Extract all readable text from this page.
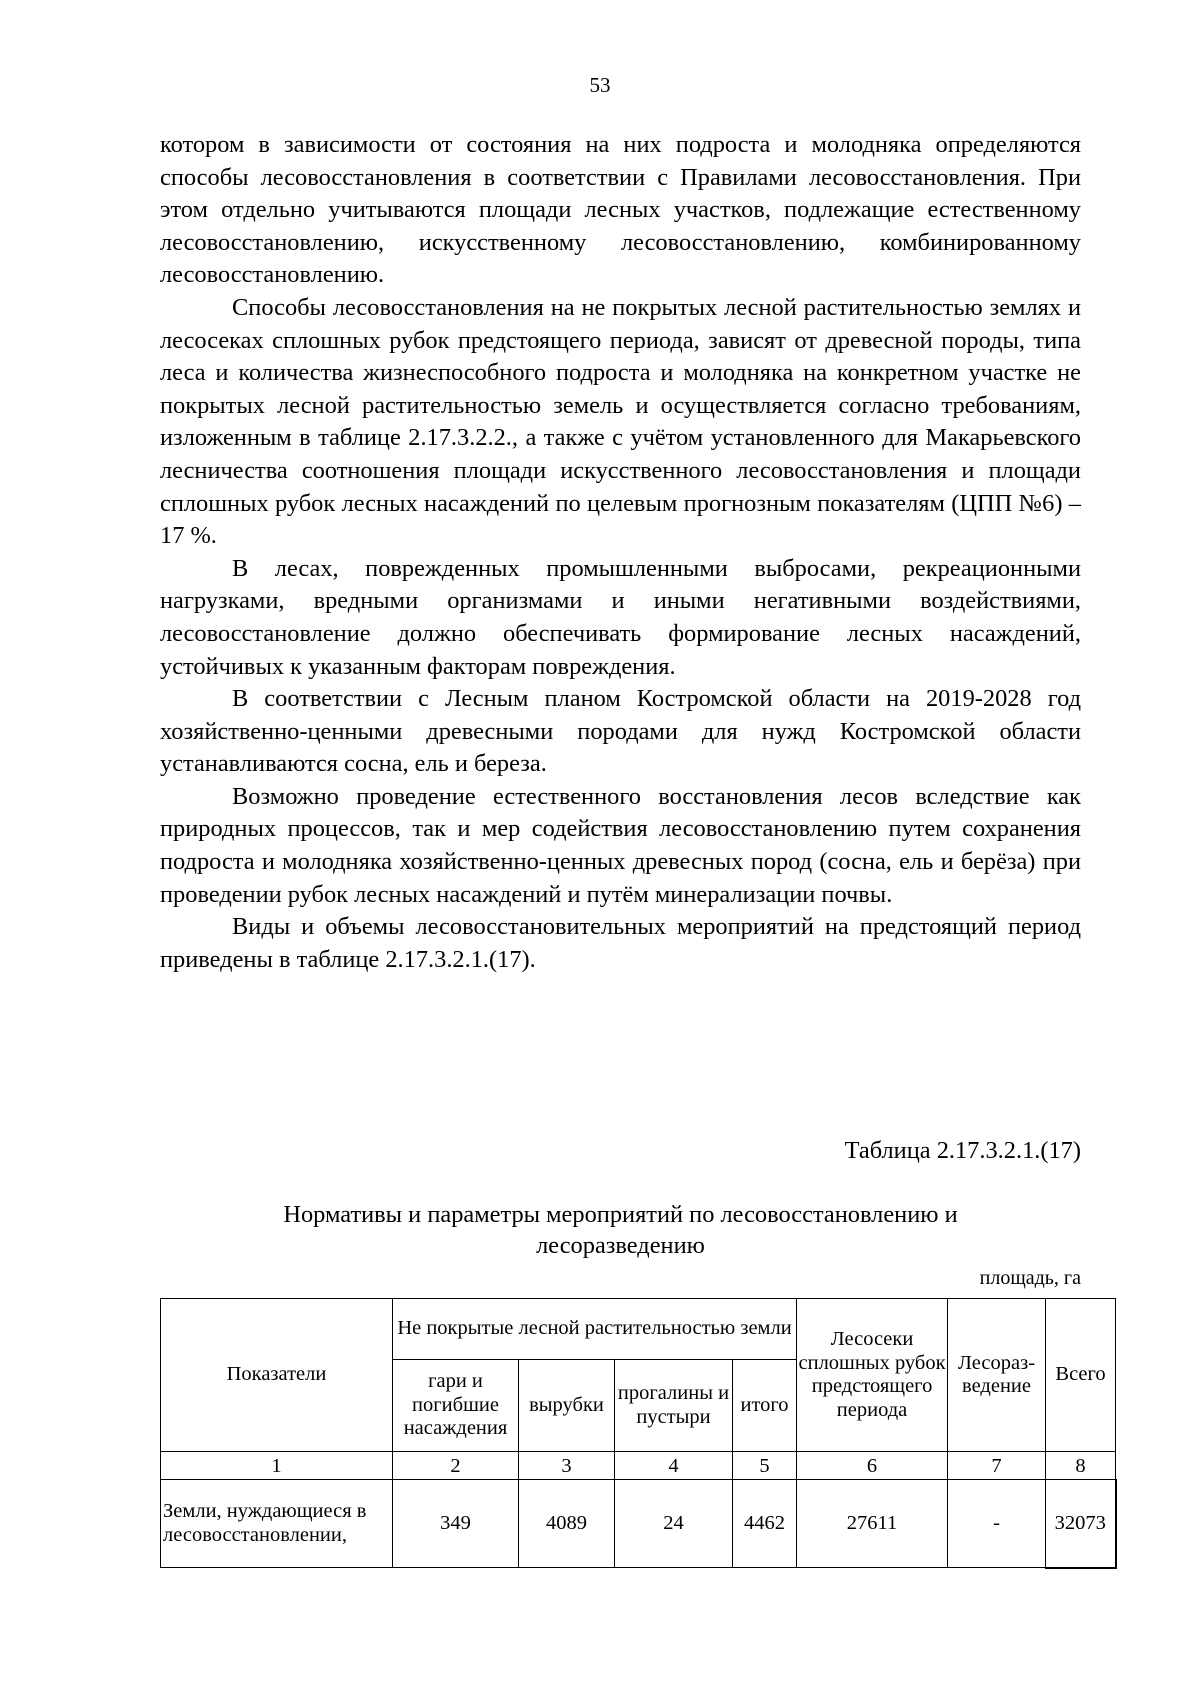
53

котором в зависимости от состояния на них подроста и молодняка определяются способы лесовосстановления в соответствии с Правилами лесовосстановления. При этом отдельно учитываются площади лесных участков, подлежащие естественному лесовосстановлению, искусственному лесовосстановлению, комбинированному лесовосстановлению.

Способы лесовосстановления на не покрытых лесной растительностью землях и лесосеках сплошных рубок предстоящего периода, зависят от древесной породы, типа леса и количества жизнеспособного подроста и молодняка на конкретном участке не покрытых лесной растительностью земель и осуществляется согласно требованиям, изложенным в таблице 2.17.3.2.2., а также с учётом установленного для Макарьевского лесничества соотношения площади искусственного лесовосстановления и площади сплошных рубок лесных насаждений по целевым прогнозным показателям (ЦПП №6) – 17 %.

В лесах, поврежденных промышленными выбросами, рекреационными нагрузками, вредными организмами и иными негативными воздействиями, лесовосстановление должно обеспечивать формирование лесных насаждений, устойчивых к указанным факторам повреждения.

В соответствии с Лесным планом Костромской области на 2019-2028 год хозяйственно-ценными древесными породами для нужд Костромской области устанавливаются сосна, ель и береза.

Возможно проведение естественного восстановления лесов вследствие как природных процессов, так и мер содействия лесовосстановлению путем сохранения подроста и молодняка хозяйственно-ценных древесных пород (сосна, ель и берёза) при проведении рубок лесных насаждений и путём минерализации почвы.

Виды и объемы лесовосстановительных мероприятий на предстоящий период приведены в таблице 2.17.3.2.1.(17).

Таблица 2.17.3.2.1.(17)
Нормативы и параметры мероприятий по лесовосстановлению и
лесоразведению
площадь, га
Показатели	Не покрытые лесной растительностью земли				Лесосеки сплошных рубок предстоящего периода	Лесораз-ведение	Всего
	гари и погибшие насаждения	вырубки	прогалины и пустыри	итого			
1	2	3	4	5	6	7	8
Земли, нуждающиеся в лесовосстановлении,	349	4089	24	4462	27611	-	32073
